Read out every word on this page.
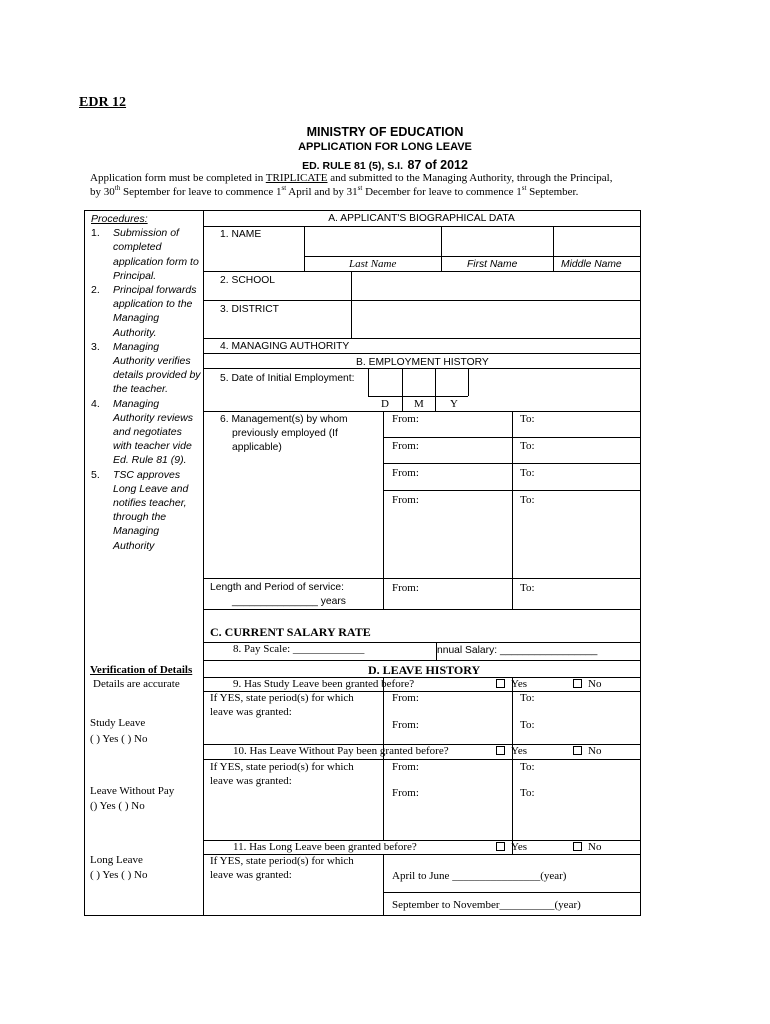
EDR 12
MINISTRY OF EDUCATION
APPLICATION FOR LONG LEAVE
ED. RULE 81 (5), S.I. 87 of 2012
Application form must be completed in TRIPLICATE and submitted to the Managing Authority, through the Principal,
by 30th September for leave to commence 1st April and by 31st December for leave to commence 1st September.
Procedures:
1. Submission of completed application form to Principal.
2. Principal forwards application to the Managing Authority.
3. Managing Authority verifies details provided by the teacher.
4. Managing Authority reviews and negotiates with teacher vide Ed. Rule 81 (9).
5. TSC approves Long Leave and notifies teacher, through the Managing Authority
A. APPLICANT'S BIOGRAPHICAL DATA
1. NAME
Last Name	First Name	Middle Name
2. SCHOOL
3. DISTRICT
4. MANAGING AUTHORITY
B. EMPLOYMENT HISTORY
5. Date of Initial Employment:
D M Y
6. Management(s) by whom
previously employed (If
applicable)
From:	To:
From:	To:
From:	To:
From:	To:
Length and Period of service:
_______________ years
From:	To:
C. CURRENT SALARY RATE
8. Pay Scale: _____________	nnual Salary: _________________
D. LEAVE HISTORY
9. Has Study Leave been granted before?	Yes	No
If YES, state period(s) for which
leave was granted:
From:	To:
From:	To:
10. Has Leave Without Pay been granted before?	Yes	No
If YES, state period(s) for which
leave was granted:
From:	To:
From:	To:
11. Has Long Leave been granted before?	Yes	No
If YES, state period(s) for which
leave was granted:	April to June ________________(year)
September to November__________(year)
Verification of Details
Details are accurate
Study Leave
( ) Yes ( ) No
Leave Without Pay
() Yes ( ) No
Long Leave
( ) Yes ( ) No
